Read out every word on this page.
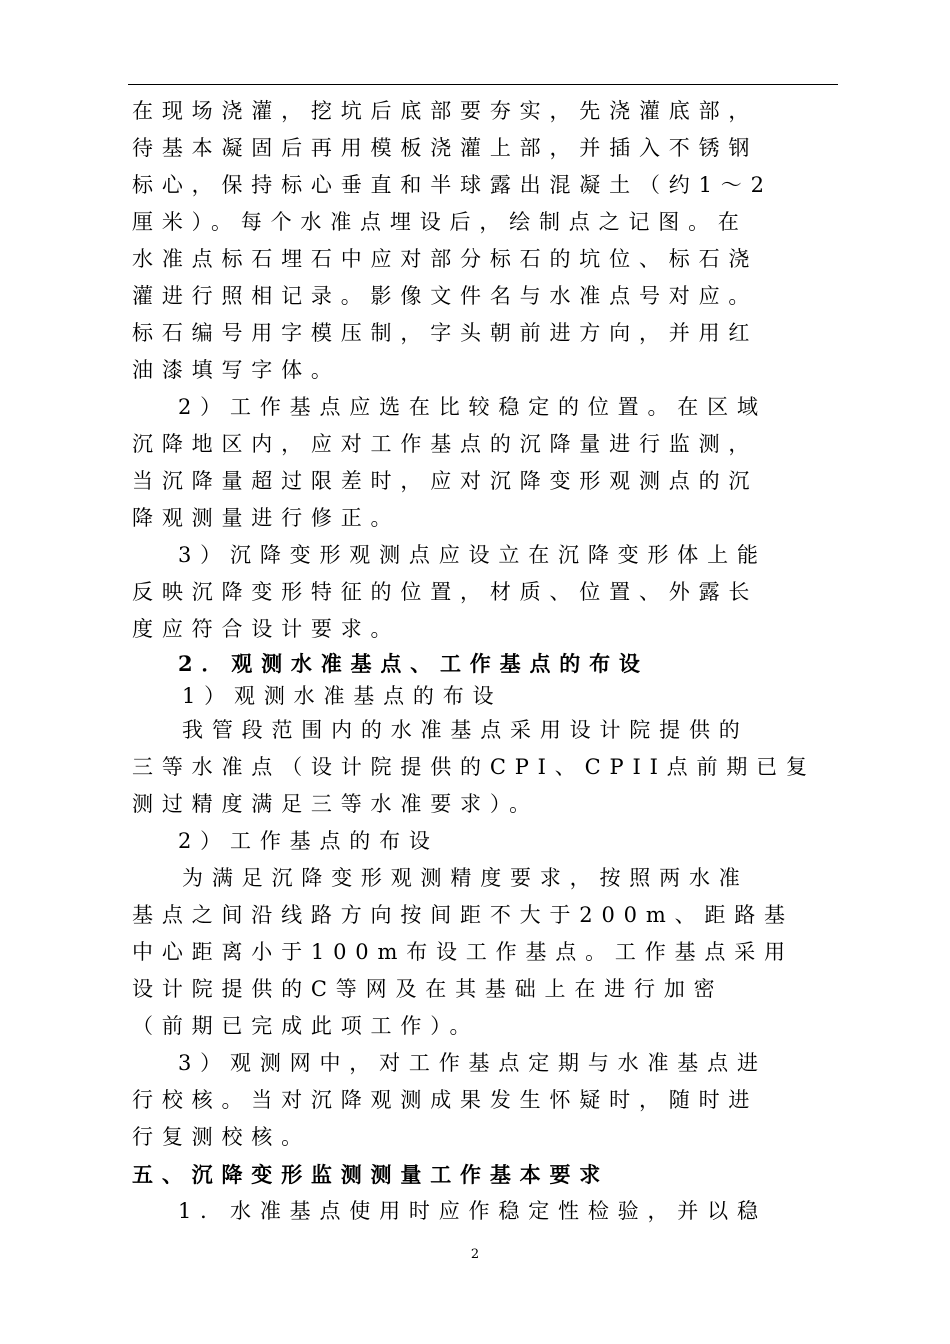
在现场浇灌，挖坑后底部要夯实，先浇灌底部，
待基本凝固后再用模板浇灌上部，并插入不锈钢
标心，保持标心垂直和半球露出混凝土（约1～2
厘米）。每个水准点埋设后，绘制点之记图。在
水准点标石埋石中应对部分标石的坑位、标石浇
灌进行照相记录。影像文件名与水准点号对应。
标石编号用字模压制，字头朝前进方向，并用红
油漆填写字体。
2）工作基点应选在比较稳定的位置。在区域
沉降地区内，应对工作基点的沉降量进行监测，
当沉降量超过限差时，应对沉降变形观测点的沉
降观测量进行修正。
3）沉降变形观测点应设立在沉降变形体上能
反映沉降变形特征的位置，材质、位置、外露长
度应符合设计要求。
2．观测水准基点、工作基点的布设
1）观测水准基点的布设
我管段范围内的水准基点采用设计院提供的
三等水准点（设计院提供的CPI、CPII点前期已复
测过精度满足三等水准要求）。
2）工作基点的布设
为满足沉降变形观测精度要求，按照两水准
基点之间沿线路方向按间距不大于200m、距路基
中心距离小于100m布设工作基点。工作基点采用
设计院提供的C等网及在其基础上在进行加密
（前期已完成此项工作）。
3）观测网中，对工作基点定期与水准基点进
行校核。当对沉降观测成果发生怀疑时，随时进
行复测校核。
五、沉降变形监测测量工作基本要求
1．水准基点使用时应作稳定性检验，并以稳
2
